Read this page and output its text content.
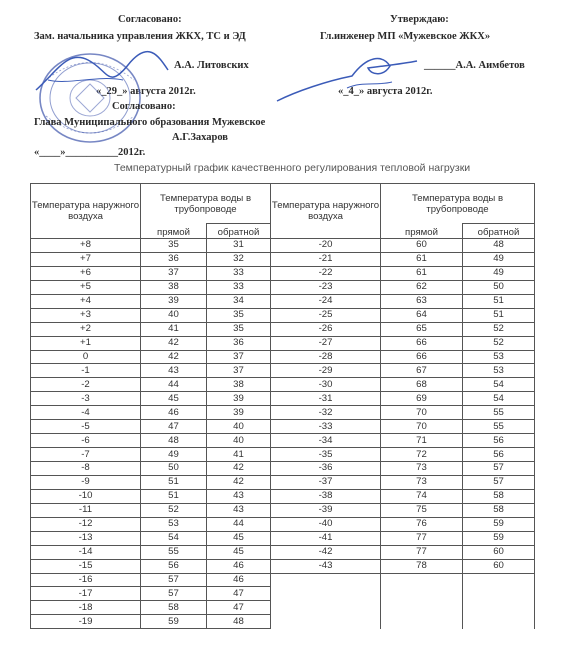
Согласовано:
Зам. начальника управления ЖКХ, ТС и ЭД
А.А. Литовских
«_29_» августа 2012г.
Утверждаю:
Гл.инженер МП «Мужевское ЖКХ»
______А.А. Аимбетов
«_4_» августа 2012г.
Согласовано:
Глава Муниципального образования Мужевское
А.Г.Захаров
«____»__________2012г.
Температурный график качественного регулирования тепловой нагрузки
Температура наружного воздуха	Температура воды в трубопроводе		Температура наружного воздуха	Температура воды в трубопроводе	
	прямой	обратной		прямой	обратной
+8	35	31	-20	60	48
+7	36	32	-21	61	49
+6	37	33	-22	61	49
+5	38	33	-23	62	50
+4	39	34	-24	63	51
+3	40	35	-25	64	51
+2	41	35	-26	65	52
+1	42	36	-27	66	52
0	42	37	-28	66	53
-1	43	37	-29	67	53
-2	44	38	-30	68	54
-3	45	39	-31	69	54
-4	46	39	-32	70	55
-5	47	40	-33	70	55
-6	48	40	-34	71	56
-7	49	41	-35	72	56
-8	50	42	-36	73	57
-9	51	42	-37	73	57
-10	51	43	-38	74	58
-11	52	43	-39	75	58
-12	53	44	-40	76	59
-13	54	45	-41	77	59
-14	55	45	-42	77	60
-15	56	46	-43	78	60
-16	57	46			
-17	57	47			
-18	58	47			
-19	59	48			
